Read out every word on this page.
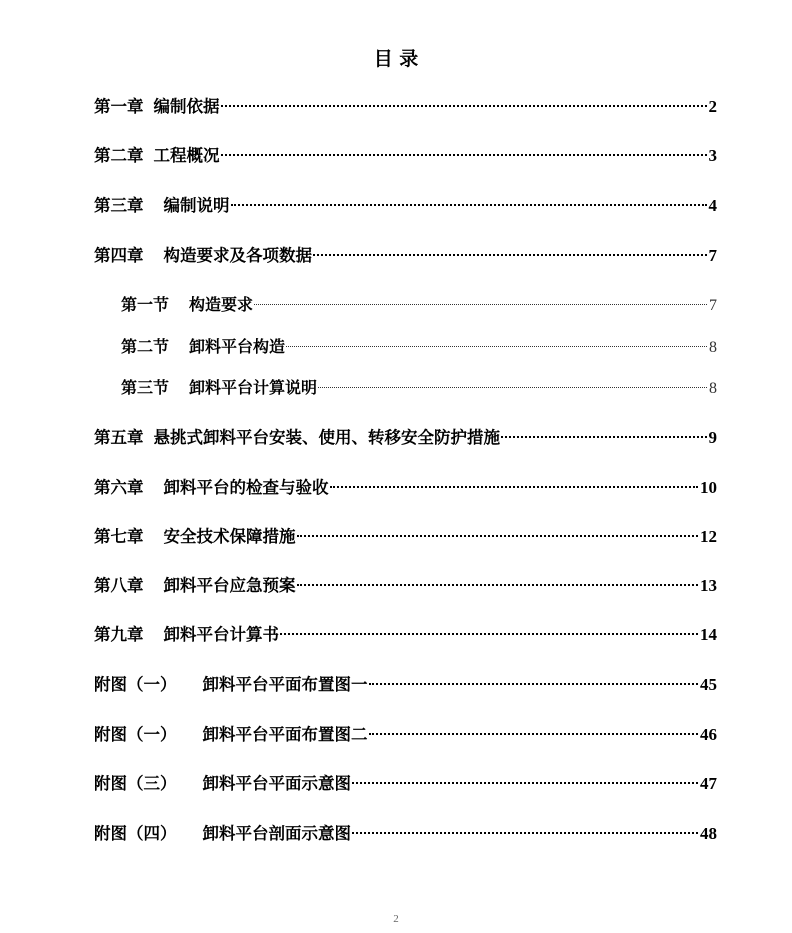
目 录
第一章 编制依据	2
第二章 工程概况	3
第三章 编制说明	4
第四章 构造要求及各项数据	7
第一节 构造要求	7
第二节 卸料平台构造	8
第三节 卸料平台计算说明	8
第五章 悬挑式卸料平台安装、使用、转移安全防护措施	9
第六章 卸料平台的检查与验收	10
第七章 安全技术保障措施	12
第八章 卸料平台应急预案	13
第九章 卸料平台计算书	14
附图（一） 卸料平台平面布置图一	45
附图（一） 卸料平台平面布置图二	46
附图（三） 卸料平台平面示意图	47
附图（四） 卸料平台剖面示意图	48
2
